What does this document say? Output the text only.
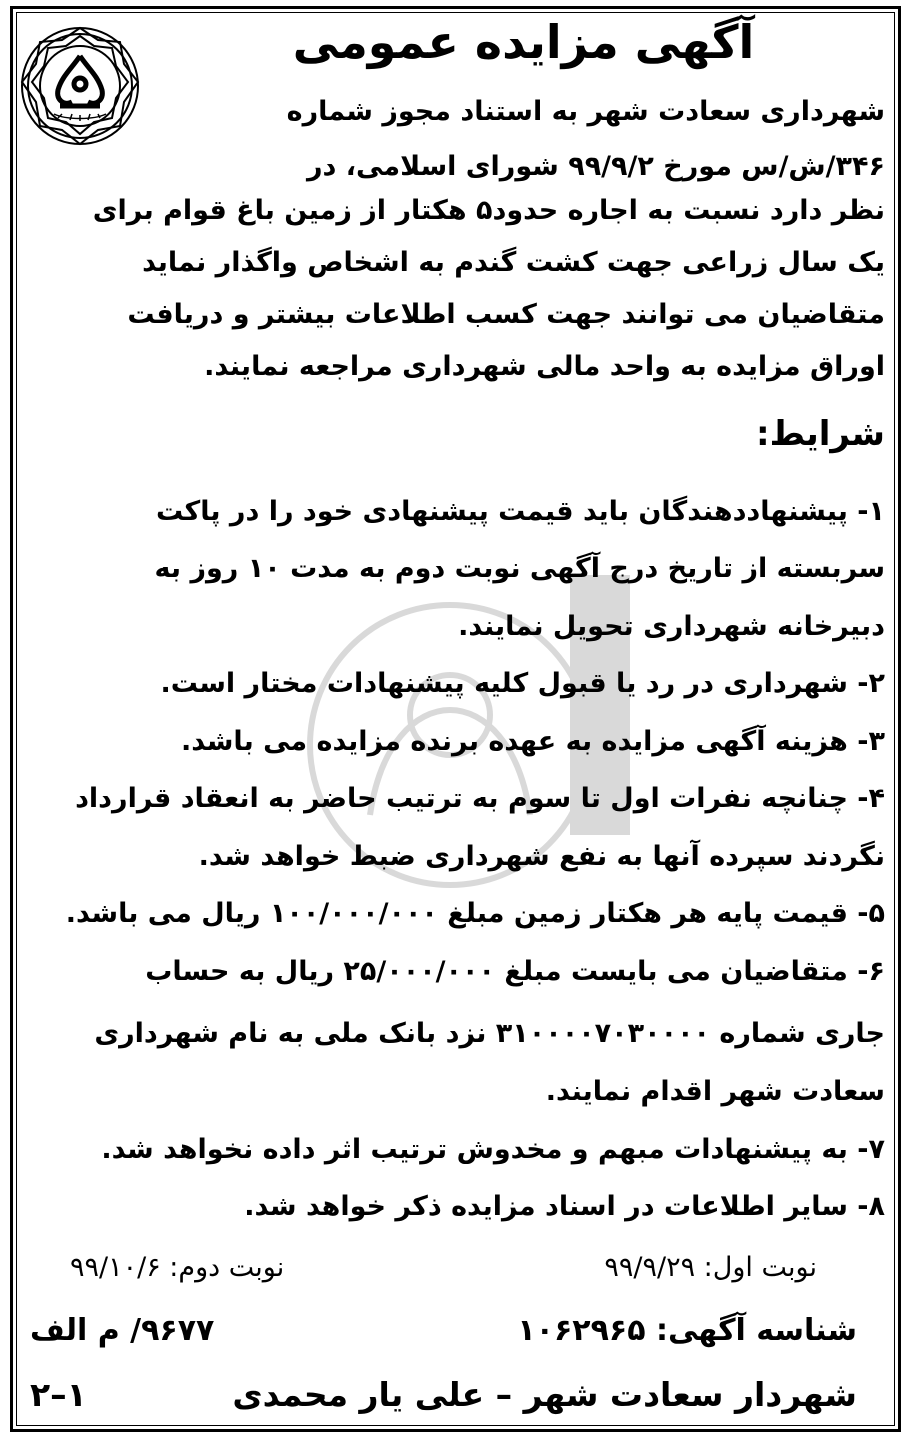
آگهی مزایده عمومی
شهرداری سعادت شهر به استناد مجوز شماره
۳۴۶/ش/س مورخ ۹۹/۹/۲ شورای اسلامی، در
نظر دارد نسبت به اجاره حدود۵ هکتار از زمین باغ قوام برای
یک سال زراعی جهت کشت گندم به اشخاص واگذار نماید
متقاضیان می توانند جهت کسب اطلاعات بیشتر و دریافت
اوراق مزایده به واحد مالی شهرداری مراجعه نمایند.
شرایط:
۱- پیشنهاددهندگان باید قیمت پیشنهادی خود را در پاکت
سربسته از تاریخ درج آگهی نوبت دوم به مدت ۱۰ روز به
دبیرخانه شهرداری تحویل نمایند.
۲- شهرداری در رد یا قبول کلیه پیشنهادات مختار است.
۳- هزینه آگهی مزایده به عهده برنده مزایده می باشد.
۴- چنانچه نفرات اول تا سوم به ترتیب حاضر به انعقاد قرارداد
نگردند سپرده آنها به نفع شهرداری ضبط خواهد شد.
۵- قیمت پایه هر هکتار زمین مبلغ ۱۰۰/۰۰۰/۰۰۰ ریال می باشد.
۶- متقاضیان می بایست مبلغ ۲۵/۰۰۰/۰۰۰ ریال به حساب
جاری شماره ۳۱۰۰۰۰۷۰۳۰۰۰۰ نزد بانک ملی به نام شهرداری
سعادت شهر اقدام نمایند.
۷- به پیشنهادات مبهم و مخدوش ترتیب اثر داده نخواهد شد.
۸- سایر اطلاعات در اسناد مزایده ذکر خواهد شد.
نوبت اول: ۹۹/۹/۲۹
نوبت دوم: ۹۹/۱۰/۶
شناسه آگهی: ۱۰۶۲۹۶۵
۹۶۷۷/ م الف
شهردار سعادت شهر – علی یار محمدی
۱–۲
